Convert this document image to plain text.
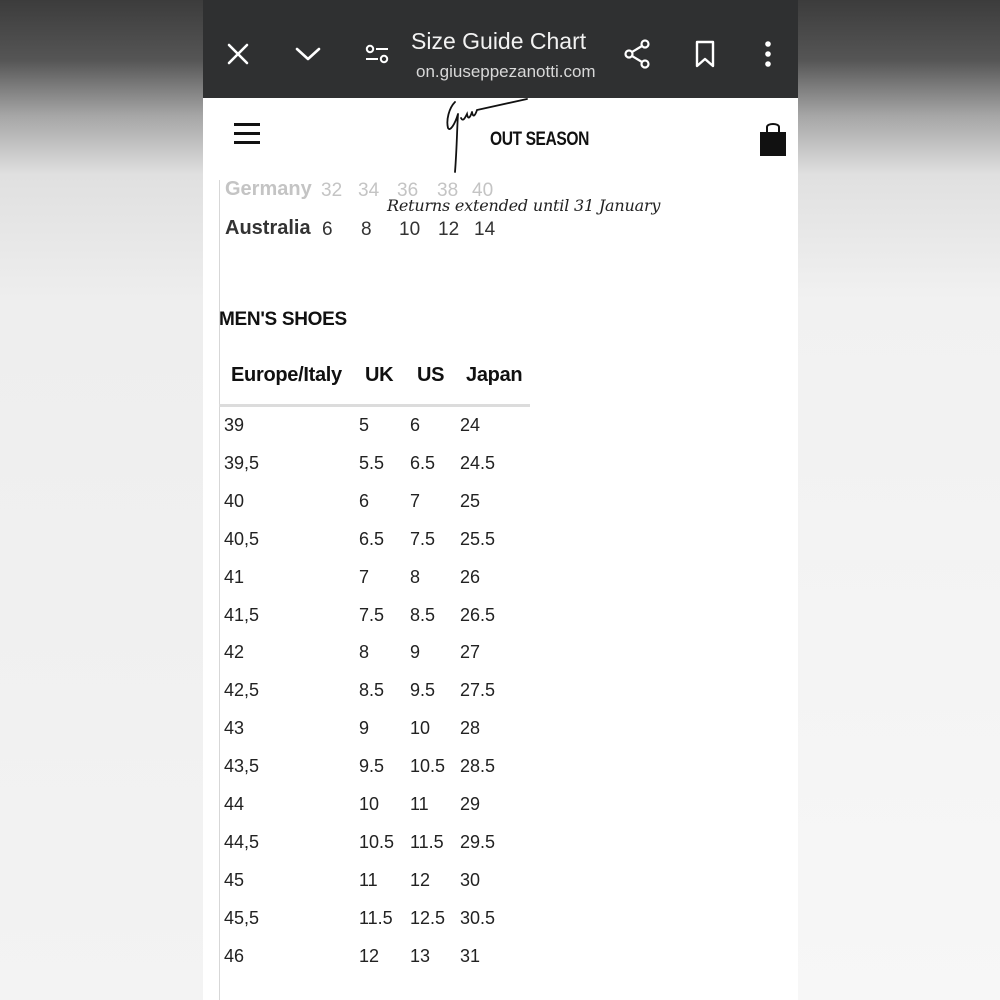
Size Guide Chart
on.giuseppezanotti.com
OUT SEASON
Germany 32 34 36 38 40
Returns extended until 31 January
Australia 6 8 10 12 14
MEN'S SHOES
Europe/Italy UK US Japan
39	5 6 24
39,5	5.5 6.5 24.5
40	6 7 25
40,5	6.5 7.5 25.5
41	7 8 26
41,5	7.5 8.5 26.5
42	8 9 27
42,5	8.5 9.5 27.5
43	9 10 28
43,5	9.5 10.5 28.5
44	10 11 29
44,5	10.5 11.5 29.5
45	11 12 30
45,5	11.5 12.5 30.5
46	12 13 31
